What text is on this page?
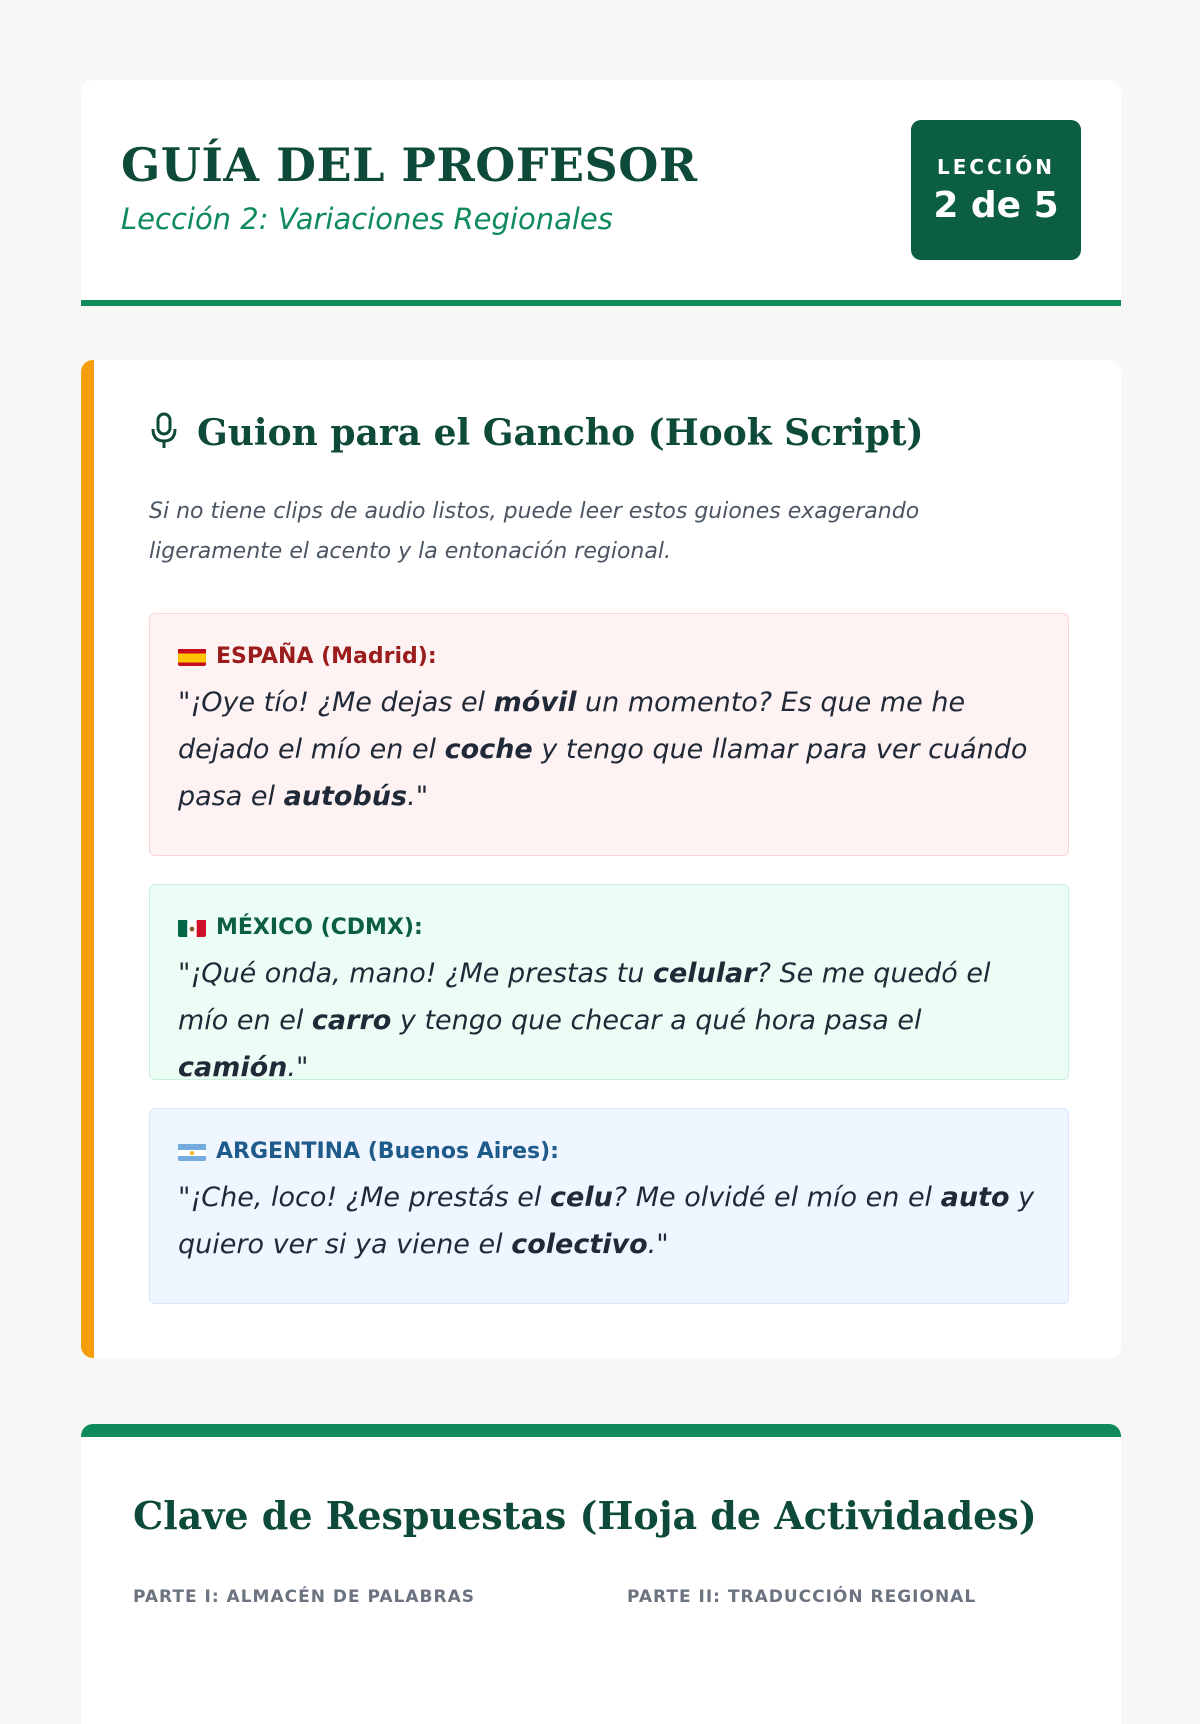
GUÍA DEL PROFESOR

Lección 2: Variaciones Regionales

LECCIÓN
2 de 5
Guion para el Gancho (Hook Script)

Si no tiene clips de audio listos, puede leer estos guiones exagerando ligeramente el acento y la entonación regional.

ESPAÑA (Madrid):

"¡Oye tío! ¿Me dejas el móvil un momento? Es que me he dejado el mío en el coche y tengo que llamar para ver cuándo pasa el autobús."

MÉXICO (CDMX):

"¡Qué onda, mano! ¿Me prestas tu celular? Se me quedó el mío en el carro y tengo que checar a qué hora pasa el camión."

ARGENTINA (Buenos Aires):

"¡Che, loco! ¿Me prestás el celu? Me olvidé el mío en el auto y quiero ver si ya viene el colectivo."

Clave de Respuestas (Hoja de Actividades)
PARTE I: ALMACÉN DE PALABRAS	PARTE II: TRADUCCIÓN REGIONAL
